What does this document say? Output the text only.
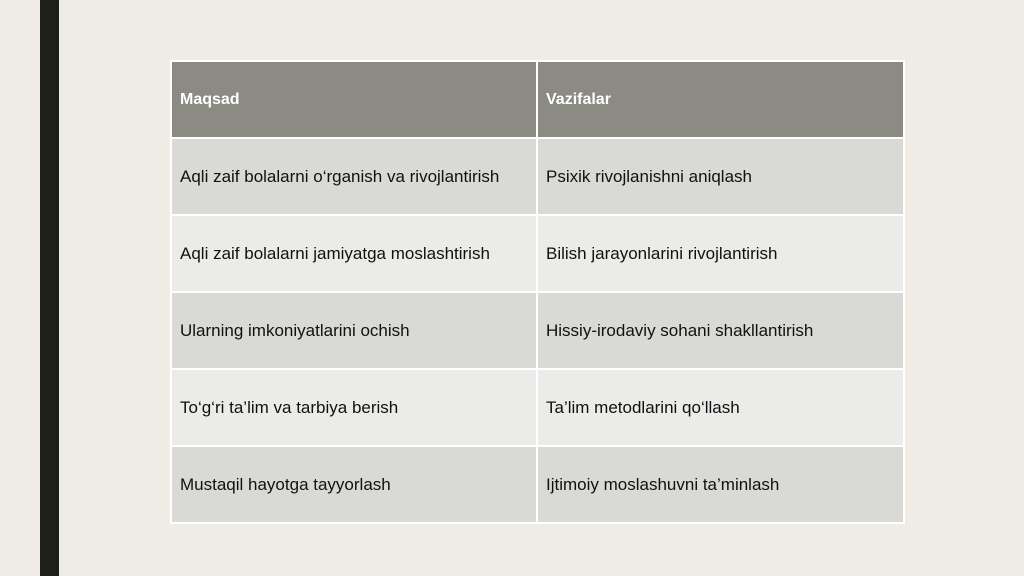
Maqsad	Vazifalar
Aqli zaif bolalarni o‘rganish va rivojlantirish	Psixik rivojlanishni aniqlash
Aqli zaif bolalarni jamiyatga moslashtirish	Bilish jarayonlarini rivojlantirish
Ularning imkoniyatlarini ochish	Hissiy-irodaviy sohani shakllantirish
To‘g‘ri ta’lim va tarbiya berish	Ta’lim metodlarini qo‘llash
Mustaqil hayotga tayyorlash	Ijtimoiy moslashuvni ta’minlash
